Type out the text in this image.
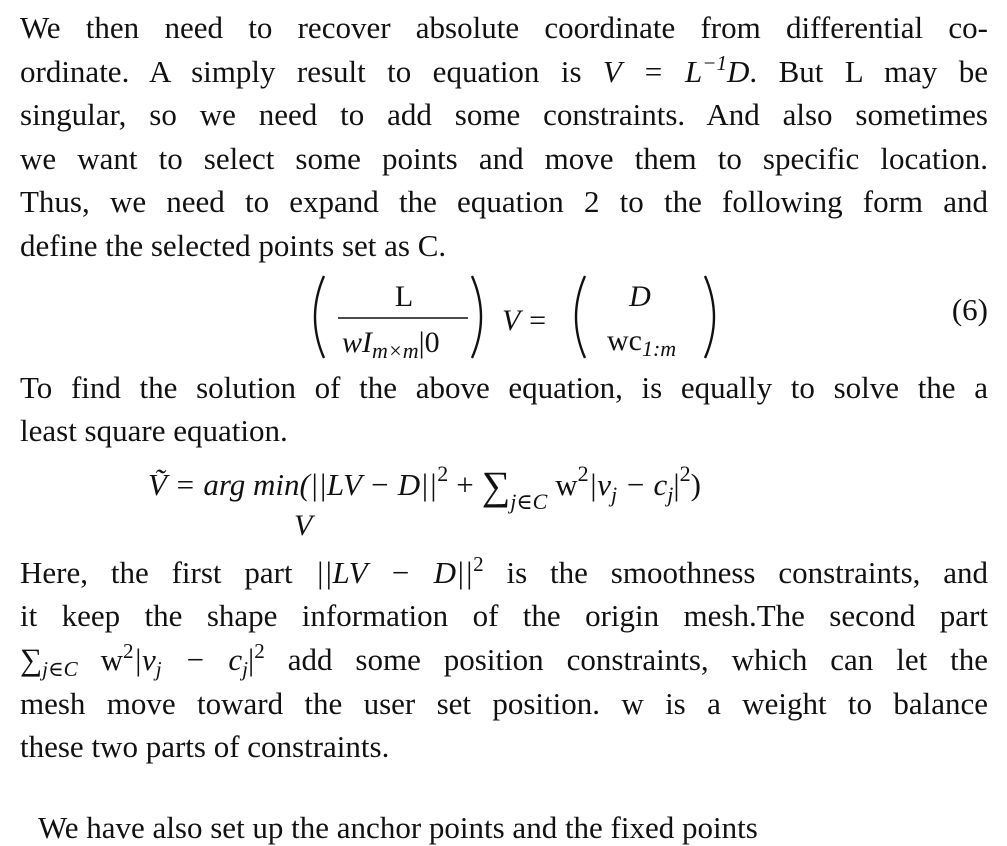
We then need to recover absolute coordinate from differential co-
ordinate. A simply result to equation is $V = L^{-1}D$. But L may be
singular, so we need to add some constraints. And also sometimes
we want to select some points and move them to specific location.
Thus, we need to expand the equation 2 to the following form and
define the selected points set as C.

L
$wI_{m\times m}|0$
V =
D
$wc_{1:m}$
(6)

To find the solution of the above equation, is equally to solve the a
least square equation.

Ṽ = arg $\min(||LV - D||^2 + \sum_{j\in C}$ $w^2|v_j - c_j|^2$)
V

Here, the first part $||LV - D||^2$ is the smoothness constraints, and
it keep the shape information of the origin mesh.The second part
$\sum_{j\in C}$ $w^2|v_j - c_j|^2$ add some position constraints, which can let the
mesh move toward the user set position. w is a weight to balance
these two parts of constraints.

We have also set up the anchor points and the fixed points
